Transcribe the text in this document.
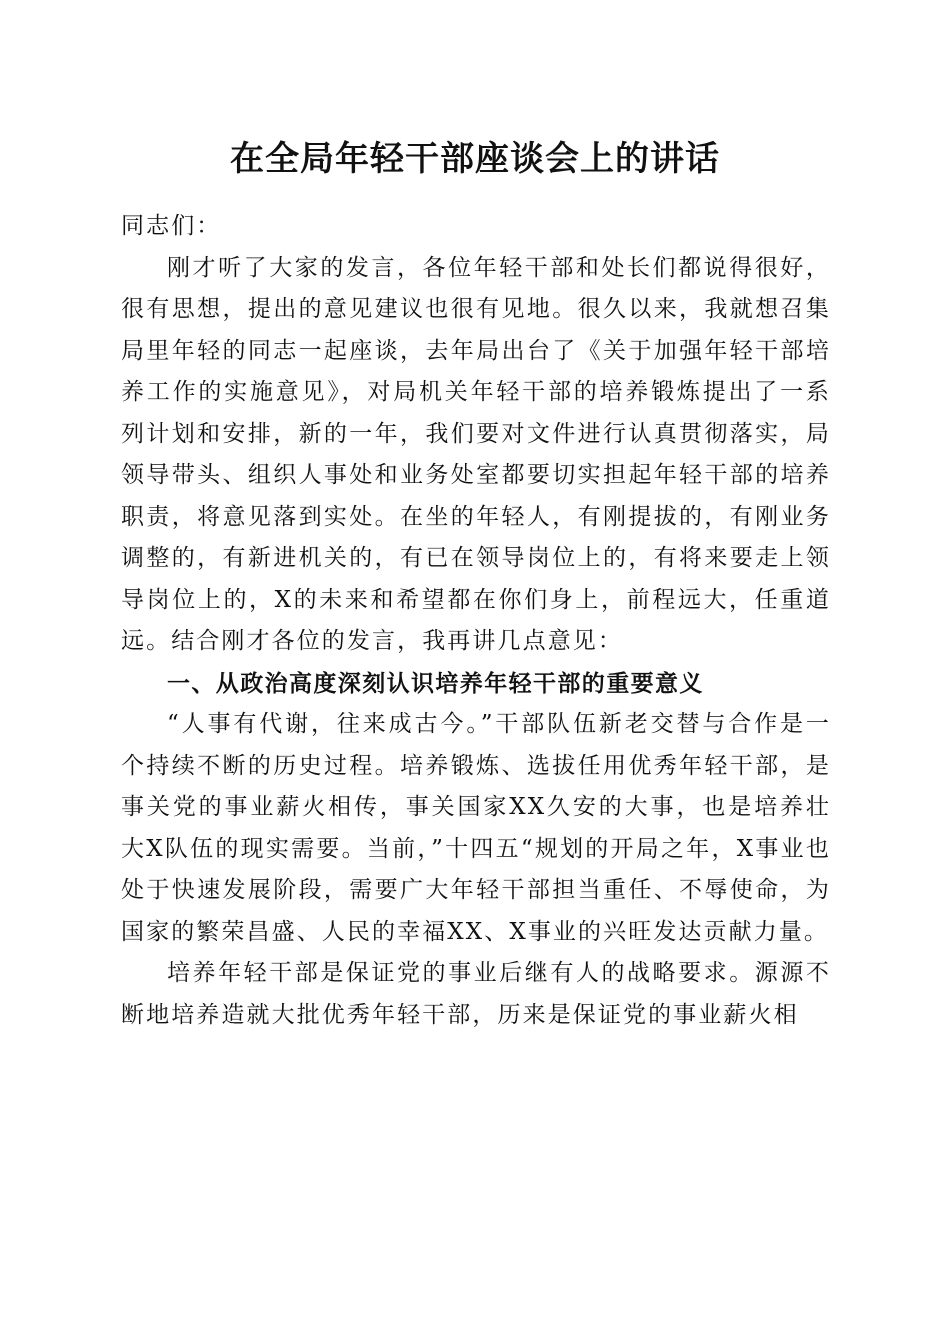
在全局年轻干部座谈会上的讲话

同志们：

刚才听了大家的发言，各位年轻干部和处长们都说得很好，很有思想，提出的意见建议也很有见地。很久以来，我就想召集局里年轻的同志一起座谈，去年局出台了《关于加强年轻干部培养工作的实施意见》，对局机关年轻干部的培养锻炼提出了一系列计划和安排，新的一年，我们要对文件进行认真贯彻落实，局领导带头、组织人事处和业务处室都要切实担起年轻干部的培养职责，将意见落到实处。在坐的年轻人，有刚提拔的，有刚业务调整的，有新进机关的，有已在领导岗位上的，有将来要走上领导岗位上的，X的未来和希望都在你们身上，前程远大，任重道远。结合刚才各位的发言，我再讲几点意见：

一、从政治高度深刻认识培养年轻干部的重要意义

“人事有代谢，往来成古今。”干部队伍新老交替与合作是一个持续不断的历史过程。培养锻炼、选拔任用优秀年轻干部，是事关党的事业薪火相传，事关国家XX久安的大事，也是培养壮大X队伍的现实需要。当前，”十四五“规划的开局之年，X事业也处于快速发展阶段，需要广大年轻干部担当重任、不辱使命，为国家的繁荣昌盛、人民的幸福XX、X事业的兴旺发达贡献力量。

培养年轻干部是保证党的事业后继有人的战略要求。源源不断地培养造就大批优秀年轻干部，历来是保证党的事业薪火相
